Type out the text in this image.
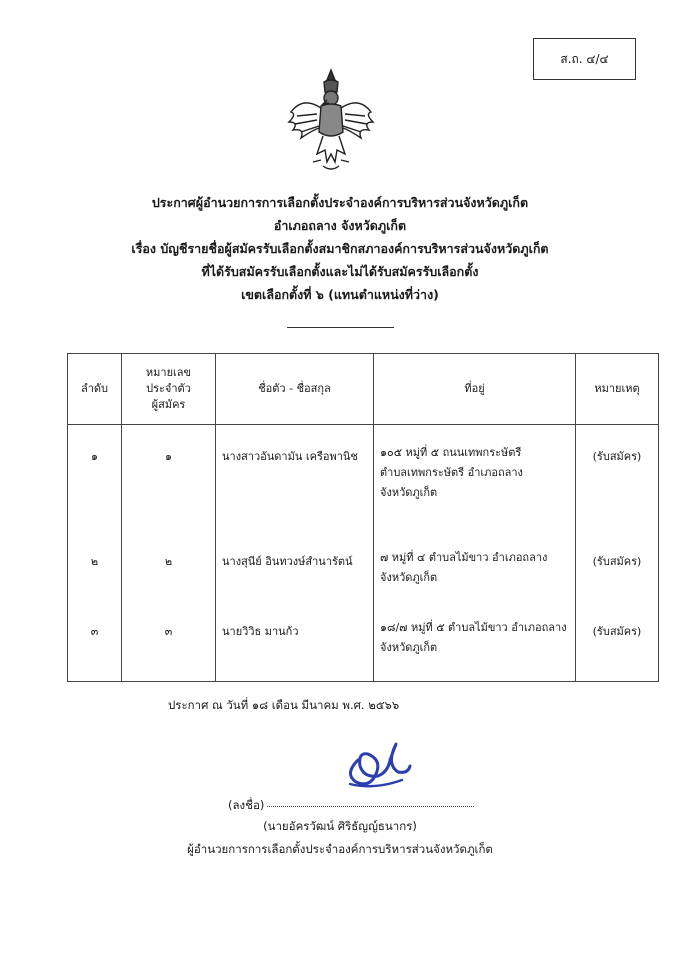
ส.ถ. ๔/๔
ประกาศผู้อำนวยการการเลือกตั้งประจำองค์การบริหารส่วนจังหวัดภูเก็ต
อำเภอถลาง จังหวัดภูเก็ต
เรื่อง บัญชีรายชื่อผู้สมัครรับเลือกตั้งสมาชิกสภาองค์การบริหารส่วนจังหวัดภูเก็ต
ที่ได้รับสมัครรับเลือกตั้งและไม่ได้รับสมัครรับเลือกตั้ง
เขตเลือกตั้งที่ ๖ (แทนตำแหน่งที่ว่าง)
ลำดับ	หมายเลข
ประจำตัว
ผู้สมัคร	ชื่อตัว - ชื่อสกุล	ที่อยู่	หมายเหตุ
๑	๑	นางสาวอันดามัน เครือพานิช	๑๐๕ หมู่ที่ ๕ ถนนเทพกระษัตรี
ตำบลเทพกระษัตรี อำเภอถลาง
จังหวัดภูเก็ต	(รับสมัคร)
๒	๒	นางสุนีย์ อินทวงษ์สำนารัตน์	๗ หมู่ที่ ๔ ตำบลไม้ขาว อำเภอถลาง
จังหวัดภูเก็ต	(รับสมัคร)
๓	๓	นายวิวิธ มานก้ว	๑๘/๗ หมู่ที่ ๕ ตำบลไม้ขาว อำเภอถลาง
จังหวัดภูเก็ต	(รับสมัคร)
ประกาศ ณ วันที่ ๑๘ เดือน มีนาคม พ.ศ. ๒๕๖๖
(ลงชื่อ)
(นายอัครวัฒน์ ศิริธัญญ์ธนากร)
ผู้อำนวยการการเลือกตั้งประจำองค์การบริหารส่วนจังหวัดภูเก็ต
